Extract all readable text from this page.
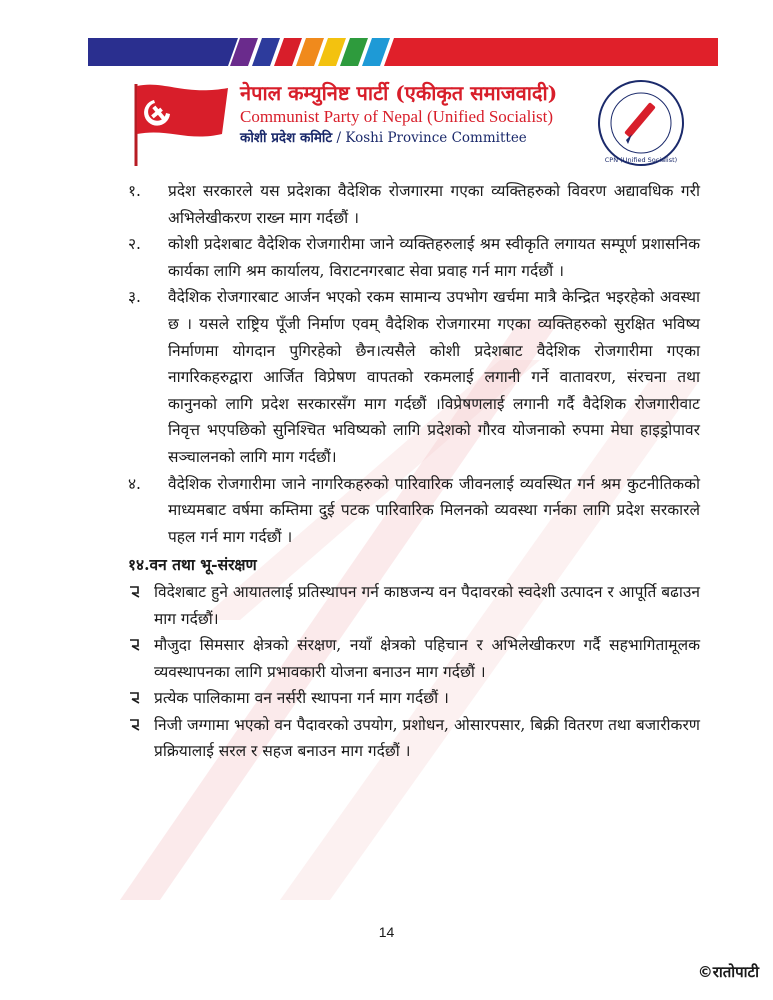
नेपाल कम्युनिष्ट पार्टी (एकीकृत समाजवादी)
Communist Party of Nepal (Unified Socialist)
कोशी प्रदेश कमिटि / Koshi Province Committee
CPN (Unified Socialist)
१.	प्रदेश सरकारले यस प्रदेशका वैदेशिक रोजगारमा गएका व्यक्तिहरुको विवरण अद्यावधिक गरी अभिलेखीकरण राख्न माग गर्दछौं ।
२.	कोशी प्रदेशबाट वैदेशिक रोजगारीमा जाने व्यक्तिहरुलाई श्रम स्वीकृति लगायत सम्पूर्ण प्रशासनिक कार्यका लागि श्रम कार्यालय, विराटनगरबाट सेवा प्रवाह गर्न माग गर्दछौं ।
३.	वैदेशिक रोजगारबाट आर्जन भएको रकम सामान्य उपभोग खर्चमा मात्रै केन्द्रित भइरहेको अवस्था छ । यसले राष्ट्रिय पूँजी निर्माण एवम् वैदेशिक रोजगारमा गएका व्यक्तिहरुको सुरक्षित भविष्य निर्माणमा योगदान पुगिरहेको छैन।त्यसैले कोशी प्रदेशबाट वैदेशिक रोजगारीमा गएका नागरिकहरुद्वारा आर्जित विप्रेषण वापतको रकमलाई लगानी गर्ने वातावरण, संरचना तथा कानुनको लागि प्रदेश सरकारसँग माग गर्दछौं ।विप्रेषणलाई लगानी गर्दै वैदेशिक रोजगारीवाट निवृत्त भएपछिको सुनिश्चित भविष्यको लागि प्रदेशको गौरव योजनाको रुपमा मेघा हाइड्रोपावर सञ्चालनको लागि माग गर्दछौं।
४.	वैदेशिक रोजगारीमा जाने नागरिकहरुको पारिवारिक जीवनलाई व्यवस्थित गर्न श्रम कुटनीतिकको माध्यमबाट वर्षमा कम्तिमा दुई पटक पारिवारिक मिलनको व्यवस्था गर्नका लागि प्रदेश सरकारले पहल गर्न माग गर्दछौं ।
१४.वन तथा भू-संरक्षण
विदेशबाट हुने आयातलाई प्रतिस्थापन गर्न काष्ठजन्य वन पैदावरको स्वदेशी उत्पादन र आपूर्ति बढाउन माग गर्दछौं।
मौजुदा सिमसार क्षेत्रको संरक्षण, नयाँ क्षेत्रको पहिचान र अभिलेखीकरण गर्दै सहभागितामूलक व्यवस्थापनका लागि प्रभावकारी योजना बनाउन माग गर्दछौं ।
प्रत्येक पालिकामा वन नर्सरी स्थापना गर्न माग गर्दछौं ।
निजी जग्गामा भएको वन पैदावरको उपयोग, प्रशोधन, ओसारपसार, बिक्री वितरण तथा बजारीकरण प्रक्रियालाई सरल र सहज बनाउन माग गर्दछौं ।
14
©रातोपाटी
